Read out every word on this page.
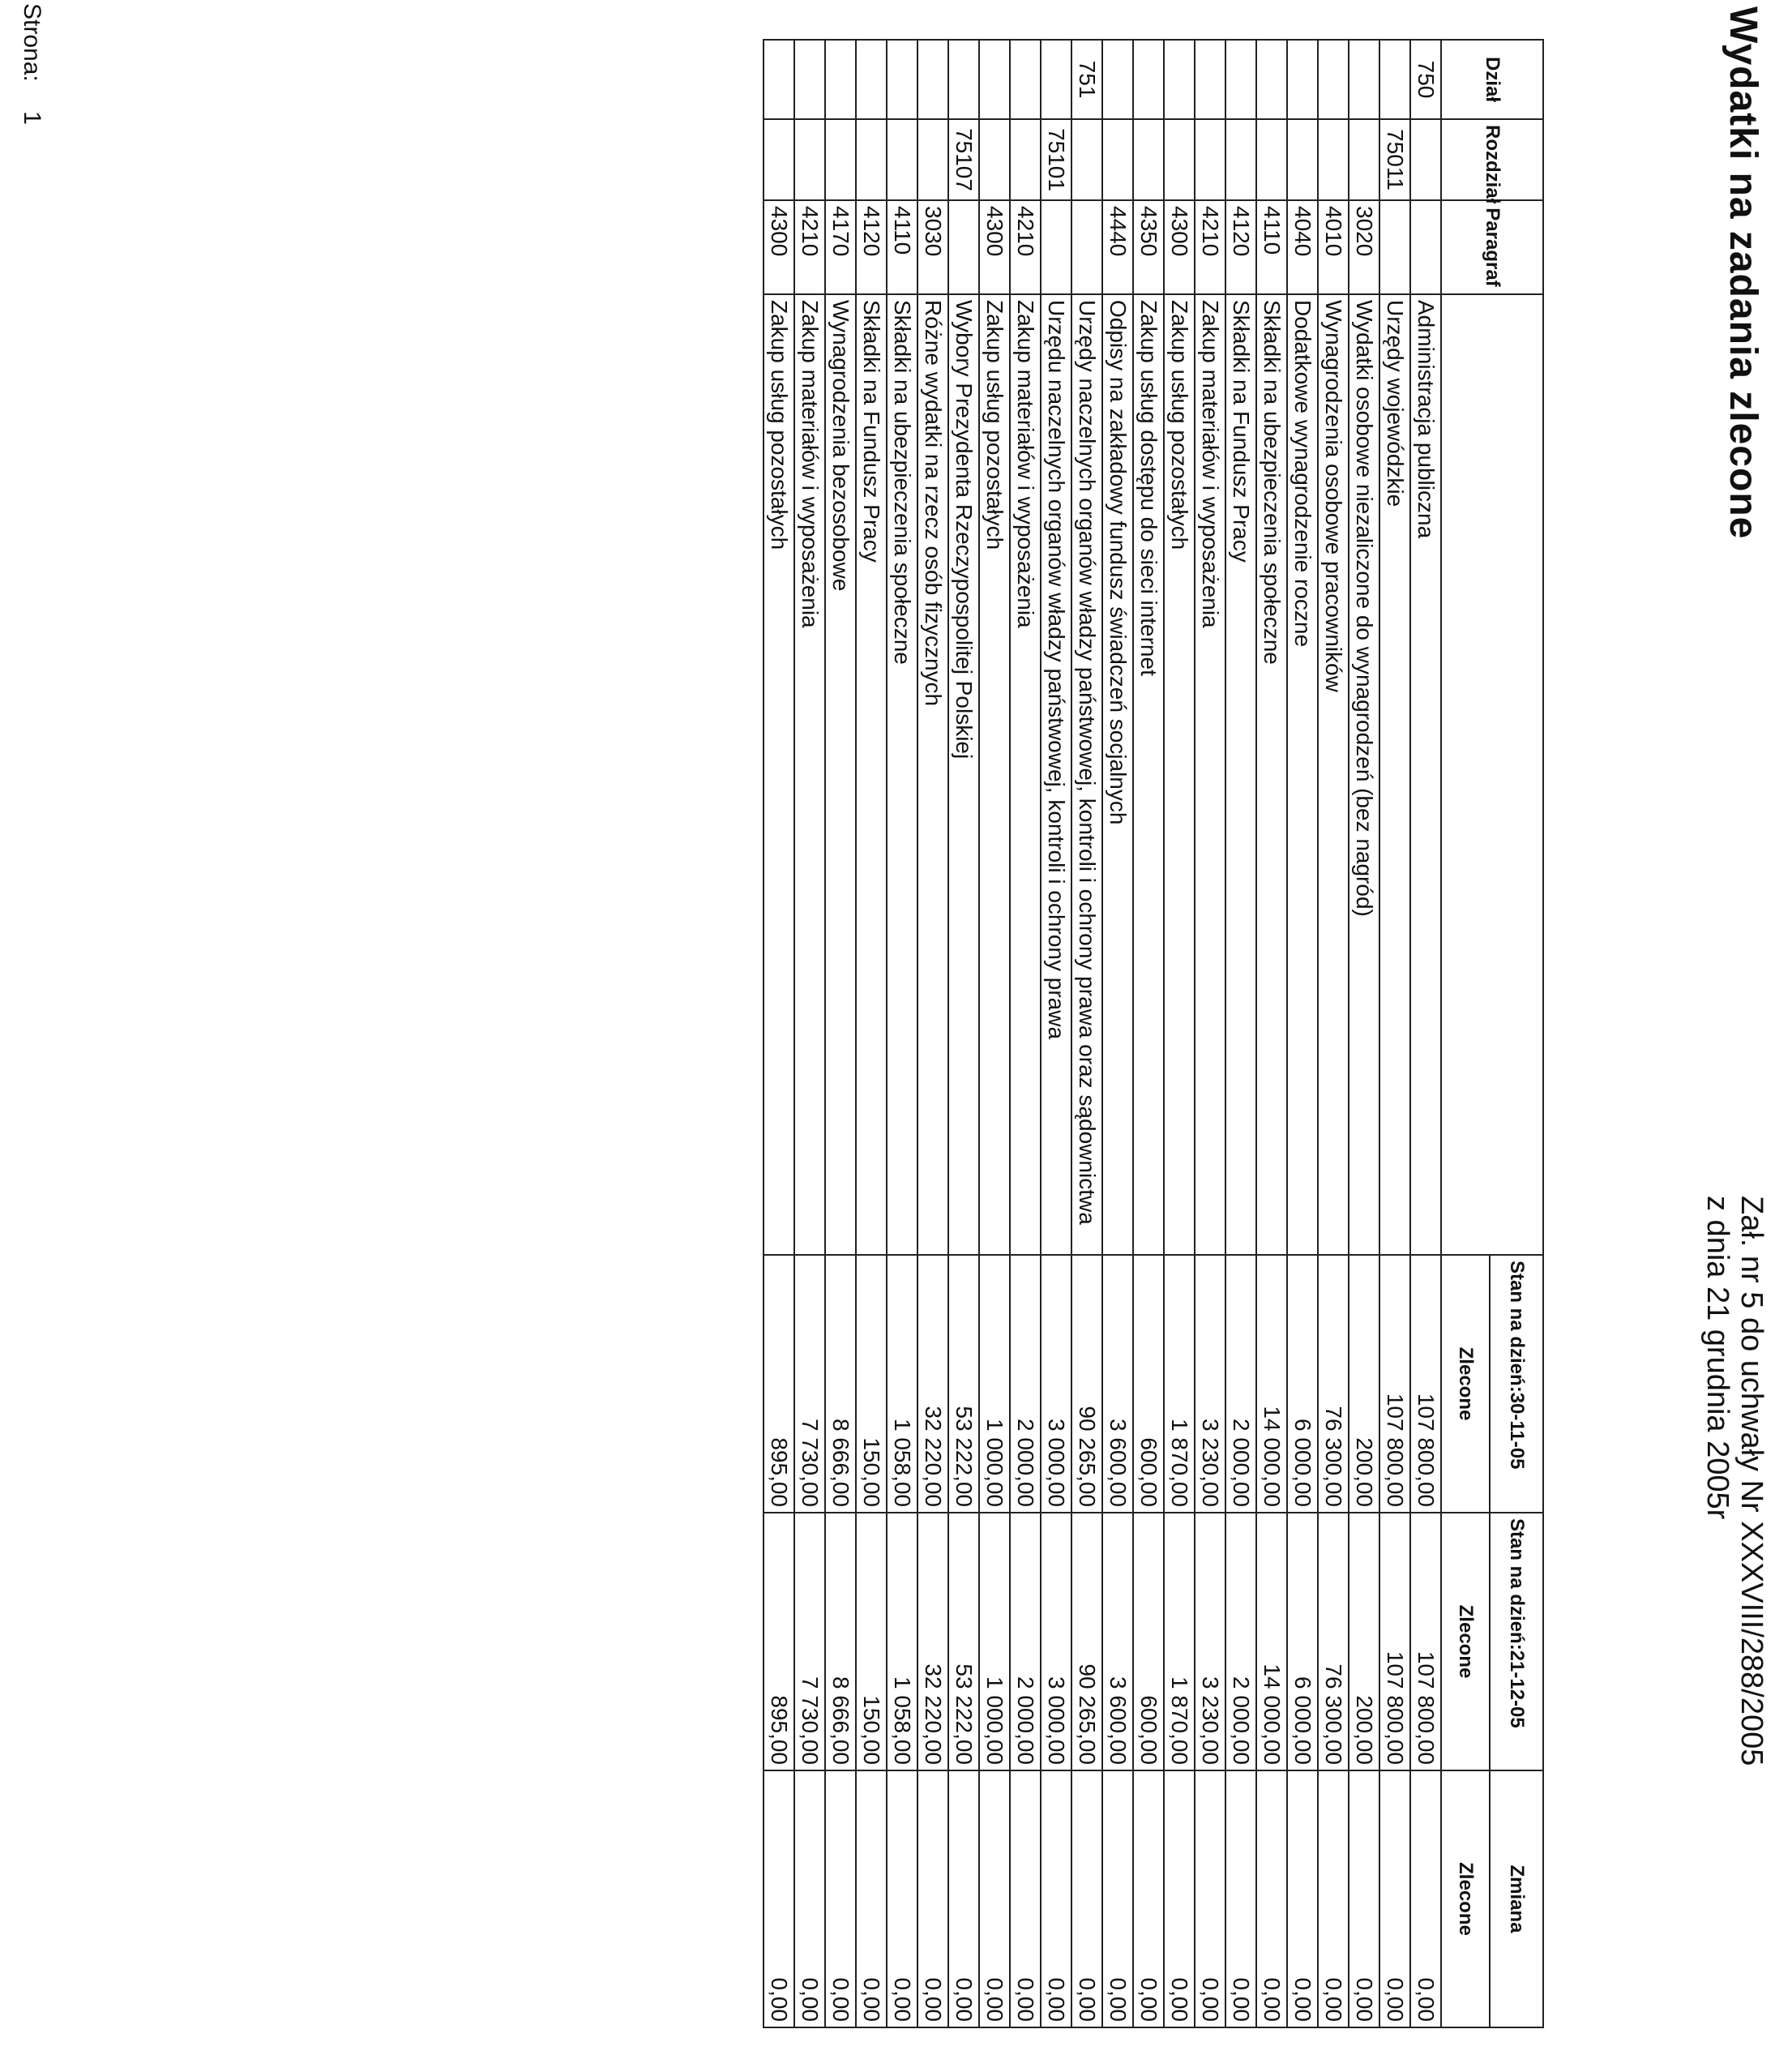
Wydatki na zadania zlecone
Zał. nr 5 do uchwały Nr XXXVIII/288/2005
z dnia 21 grudnia 2005r
Dział	Rozdział	Paragraf		Stan na dzień:30-11-05	Stan na dzień:21-12-05	Zmiana
				Zlecone	Zlecone	Zlecone
750			Administracja publiczna	107 800,00	107 800,00	0,00
	75011		Urzędy wojewódzkie	107 800,00	107 800,00	0,00
		3020	Wydatki osobowe niezaliczone do wynagrodzeń (bez nagród)	200,00	200,00	0,00
		4010	Wynagrodzenia osobowe pracowników	76 300,00	76 300,00	0,00
		4040	Dodatkowe wynagrodzenie roczne	6 000,00	6 000,00	0,00
		4110	Składki na ubezpieczenia społeczne	14 000,00	14 000,00	0,00
		4120	Składki na Fundusz Pracy	2 000,00	2 000,00	0,00
		4210	Zakup materiałów i wyposażenia	3 230,00	3 230,00	0,00
		4300	Zakup usług pozostałych	1 870,00	1 870,00	0,00
		4350	Zakup usług dostępu do sieci internet	600,00	600,00	0,00
		4440	Odpisy na zakładowy fundusz świadczeń socjalnych	3 600,00	3 600,00	0,00
751			Urzędy naczelnych organów władzy państwowej, kontroli i ochrony prawa oraz sądownictwa	90 265,00	90 265,00	0,00
	75101		Urzędu naczelnych organów władzy państwowej, kontroli i ochrony prawa	3 000,00	3 000,00	0,00
		4210	Zakup materiałów i wyposażenia	2 000,00	2 000,00	0,00
		4300	Zakup usług pozostałych	1 000,00	1 000,00	0,00
	75107		Wybory Prezydenta Rzeczypospolitej Polskiej	53 222,00	53 222,00	0,00
		3030	Różne wydatki na rzecz osób fizycznych	32 220,00	32 220,00	0,00
		4110	Składki na ubezpieczenia społeczne	1 058,00	1 058,00	0,00
		4120	Składki na Fundusz Pracy	150,00	150,00	0,00
		4170	Wynagrodzenia bezosobowe	8 666,00	8 666,00	0,00
		4210	Zakup materiałów i wyposażenia	7 730,00	7 730,00	0,00
		4300	Zakup usług pozostałych	895,00	895,00	0,00
Strona: 1
